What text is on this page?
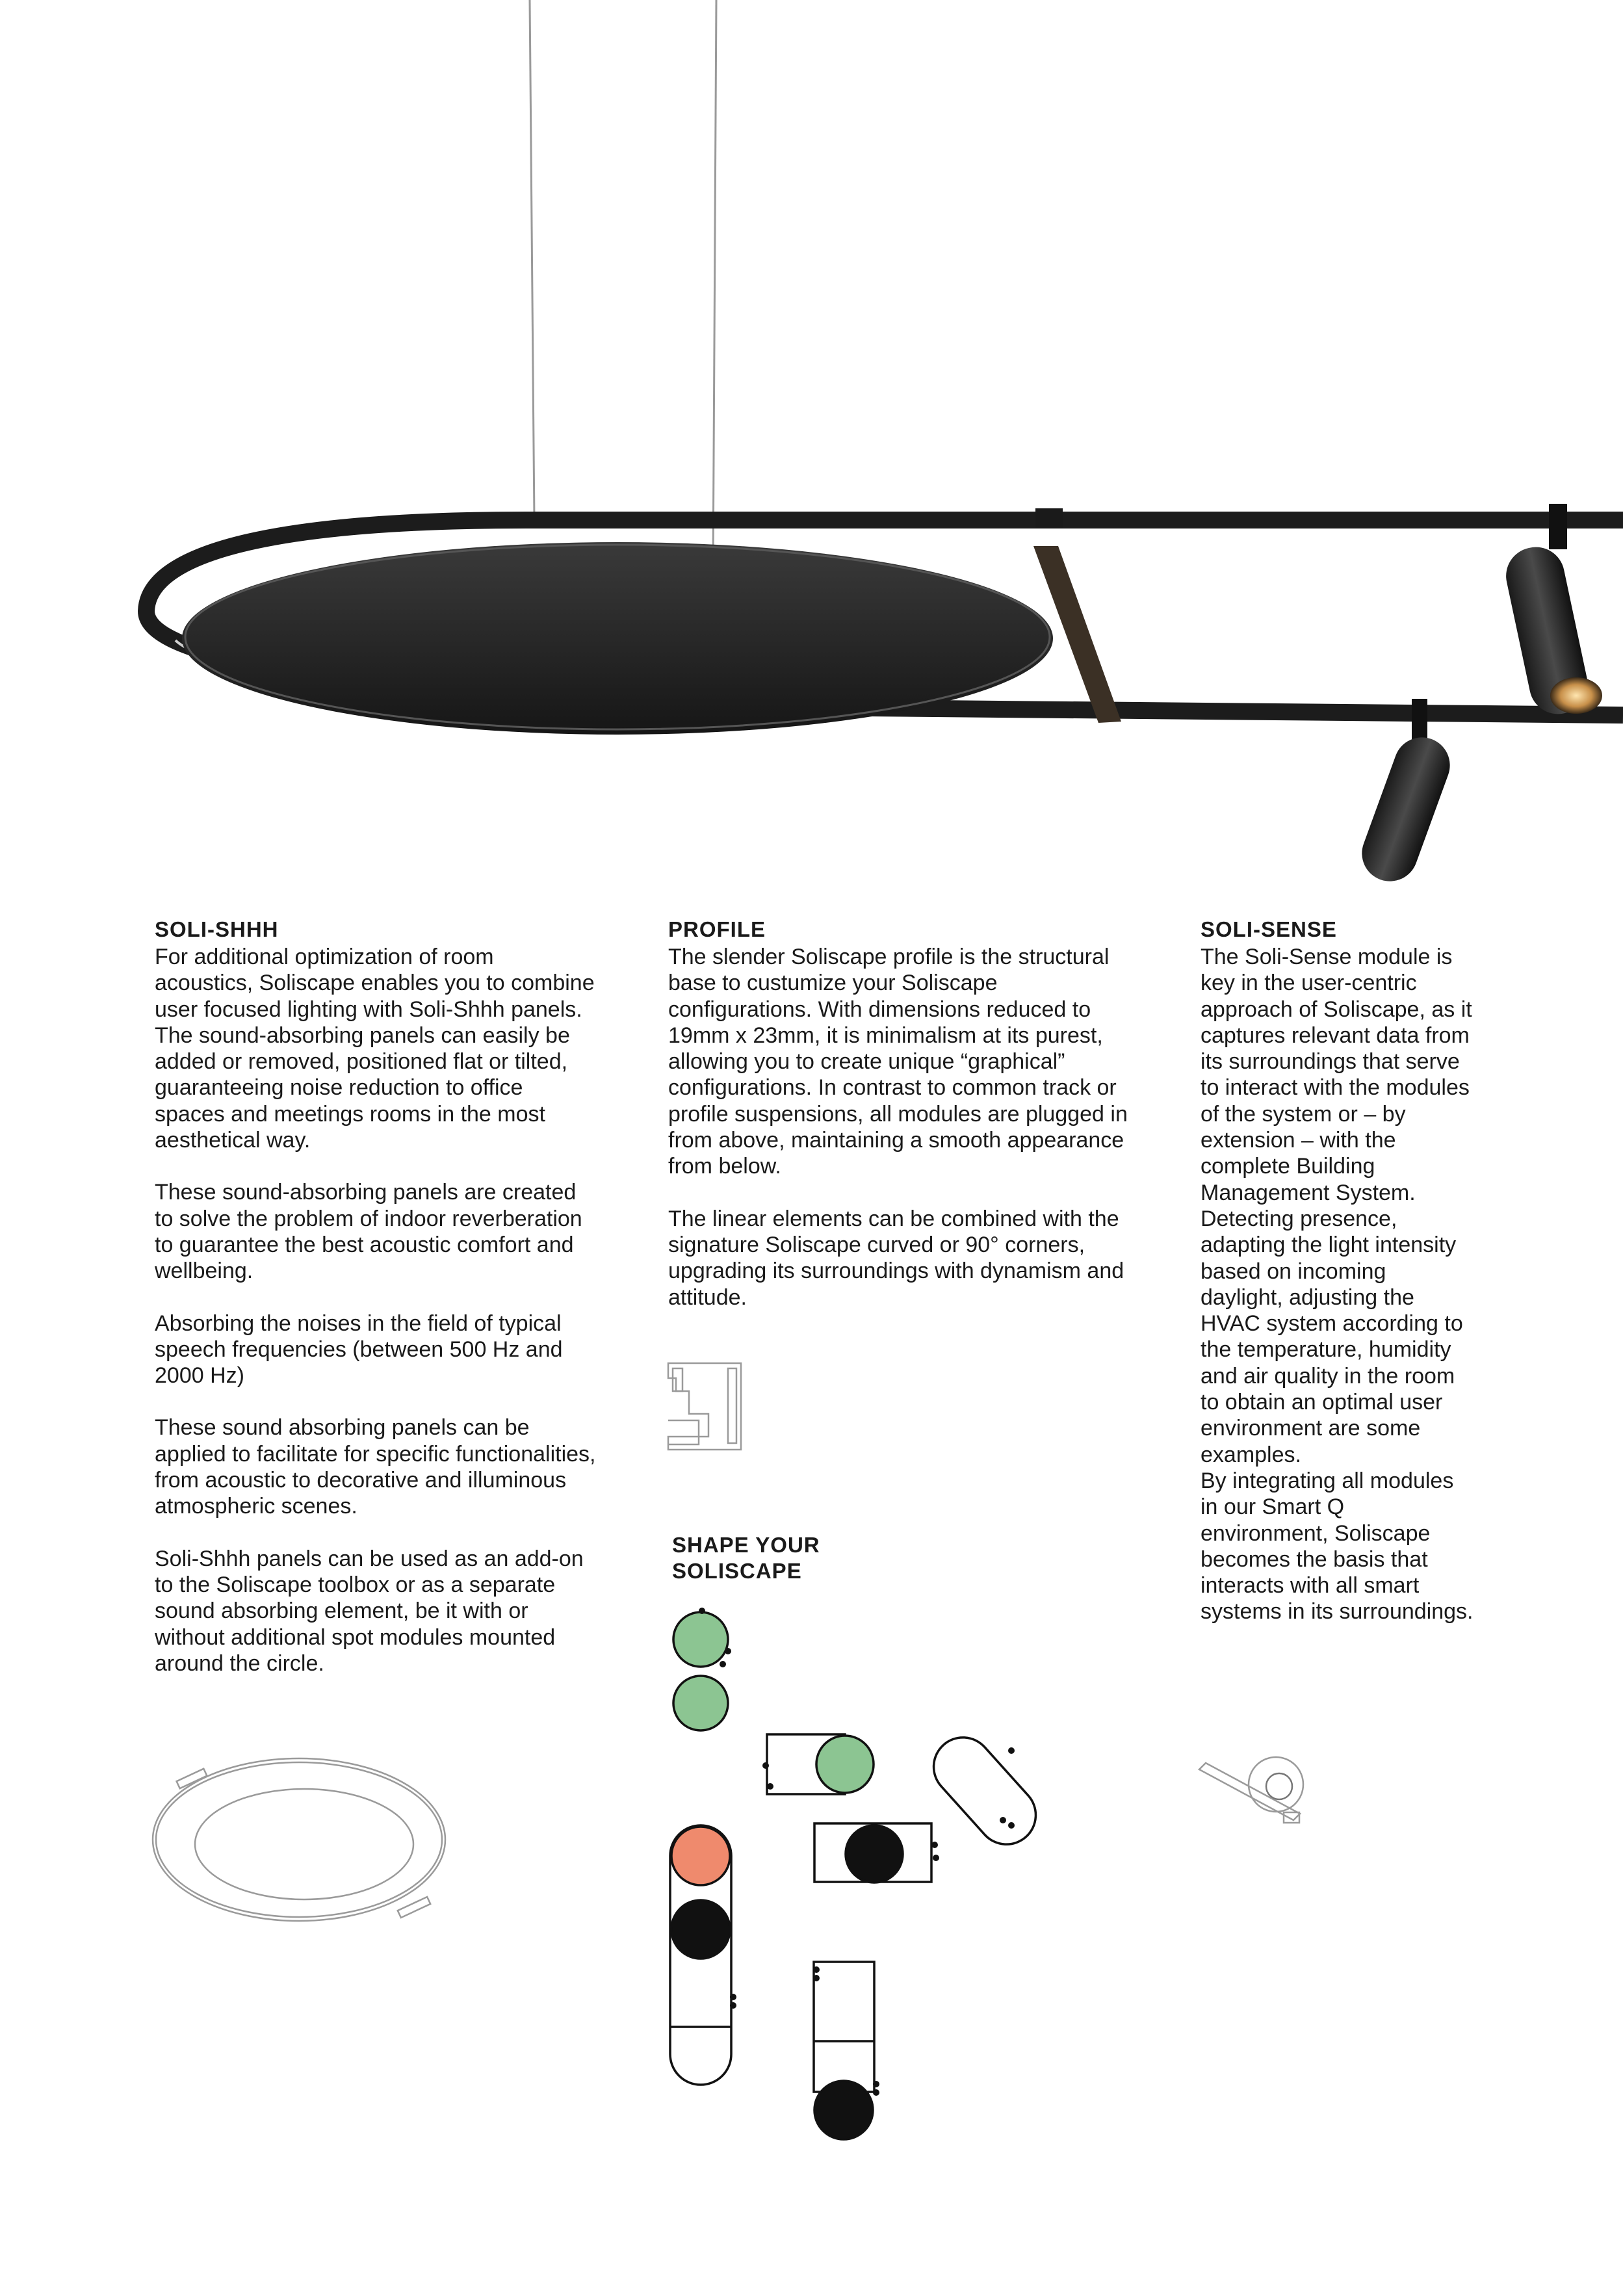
SOLI-SHHH

For additional optimization of room acoustics, Soliscape enables you to combine user focused lighting with Soli-Shhh panels. The sound-absorbing panels can easily be added or removed, positioned flat or tilted, guaranteeing noise reduction to office spaces and meetings rooms in the most aesthetical way.

These sound-absorbing panels are created to solve the problem of indoor reverberation to guarantee the best acoustic comfort and wellbeing.

Absorbing the noises in the field of typical speech frequencies (between 500 Hz and 2000 Hz)

These sound absorbing panels can be applied to facilitate for specific functionalities, from acoustic to decorative and illuminous atmospheric scenes.

Soli-Shhh panels can be used as an add-on to the Soliscape toolbox or as a separate sound absorbing element, be it with or without additional spot modules mounted around the circle.

PROFILE

The slender Soliscape profile is the structural base to custumize your Soliscape configurations. With dimensions reduced to 19mm x 23mm, it is minimalism at its purest, allowing you to create unique “graphical” configurations. In contrast to common track or profile suspensions, all modules are plugged in from above, maintaining a smooth appearance from below.

The linear elements can be combined with the signature Soliscape curved or 90° corners, upgrading its surroundings with dynamism and attitude.

SOLI-SENSE

The Soli-Sense module is key in the user-centric approach of Soliscape, as it captures relevant data from its surroundings that serve to interact with the modules of the system or – by extension – with the complete Building Management System. Detecting presence, adapting the light intensity based on incoming daylight, adjusting the HVAC system according to the temperature, humidity and air quality in the room to obtain an optimal user environment are some examples.

By integrating all modules in our Smart Q environment, Soliscape becomes the basis that interacts with all smart systems in its surroundings.

SHAPE YOUR
SOLISCAPE
